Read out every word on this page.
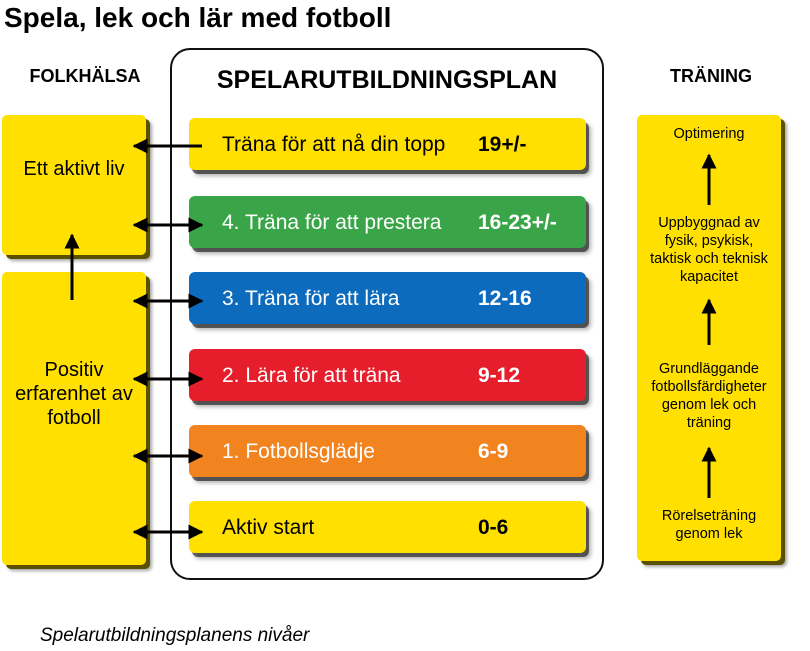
Spela, lek och lär med fotboll
FOLKHÄLSA	TRÄNING
SPELARUTBILDNINGSPLAN
Ett aktivt liv
Positiv erfarenhet av fotboll
Träna för att nå din topp 19+/-
4. Träna för att prestera 16-23+/-
3. Träna för att lära	12-16
2. Lära för att träna	9-12
1. Fotbollsglädje	6-9
Aktiv start	0-6
Optimering
Uppbyggnad av fysik, psykisk, taktisk och teknisk kapacitet
Grundläggande fotbollsfärdigheter genom lek och träning
Rörelseträning genom lek
Spelarutbildningsplanens nivåer
